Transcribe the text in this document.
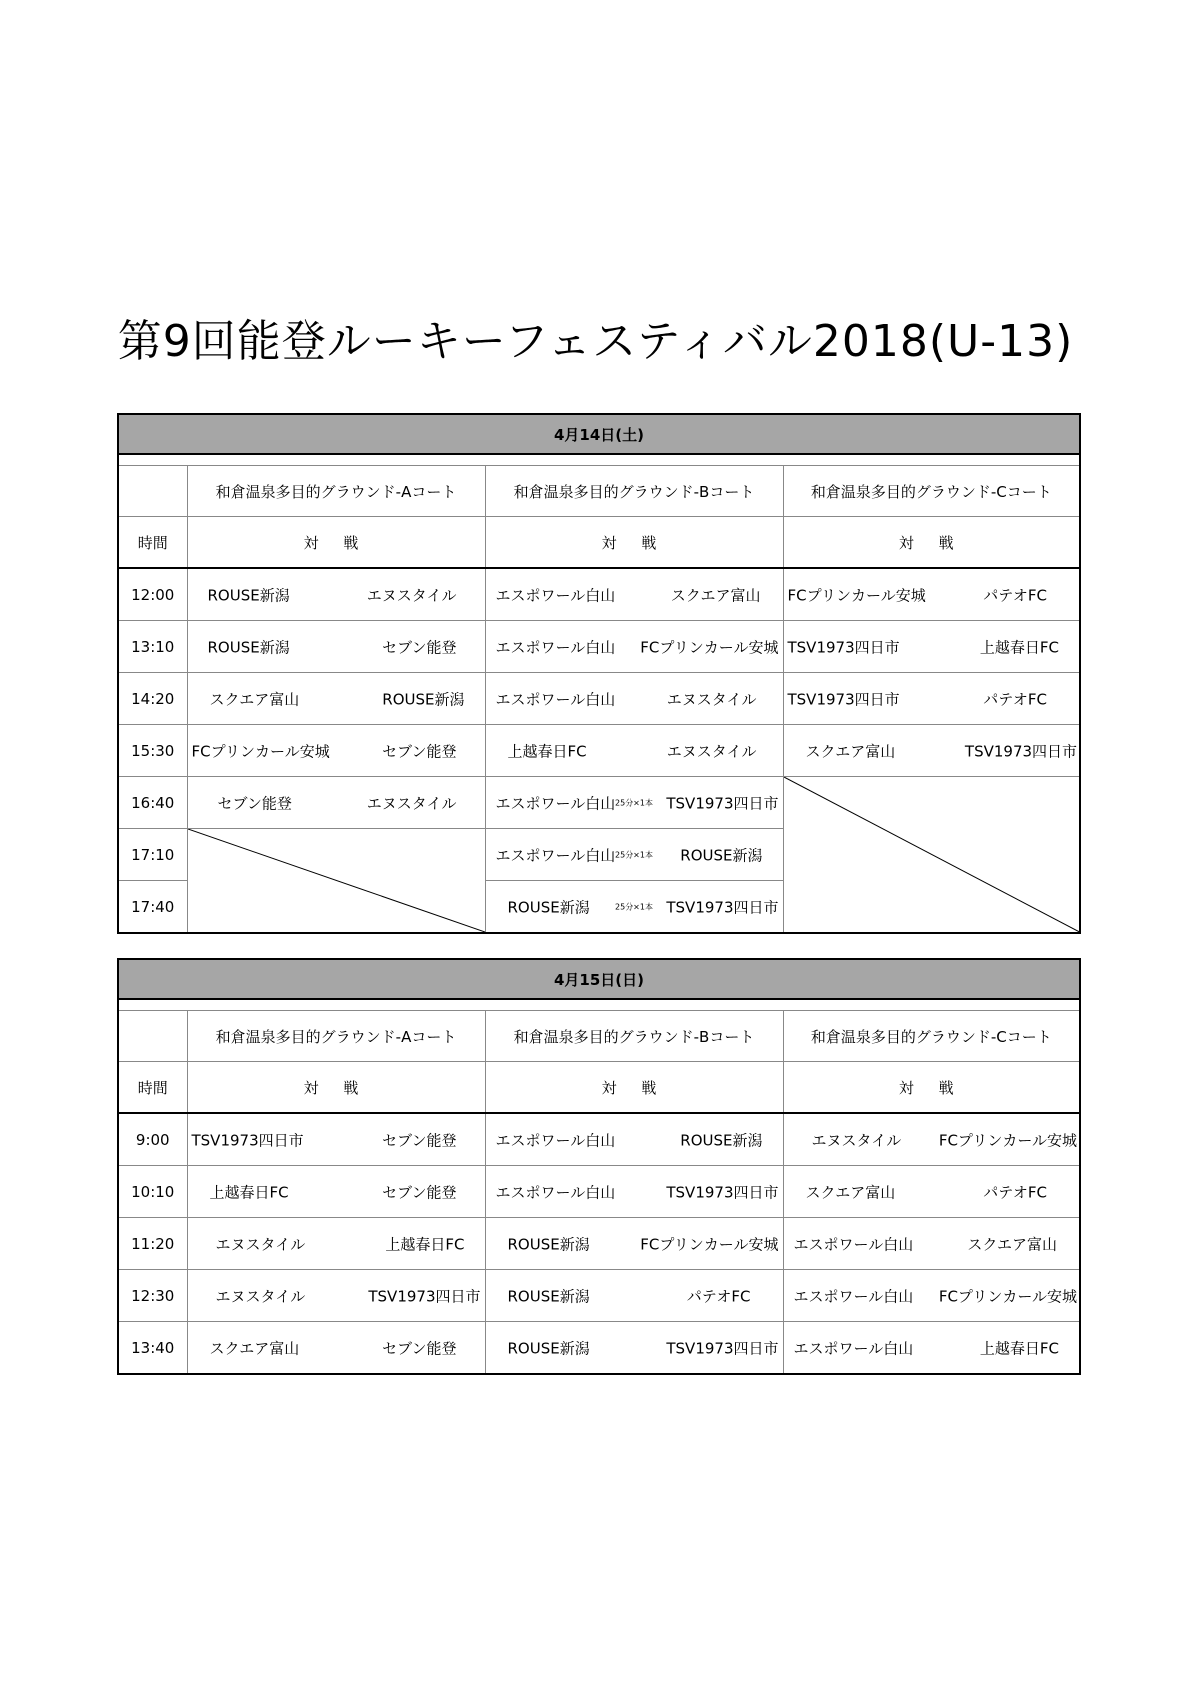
第9回能登ルーキーフェスティバル2018(U-13)
4月14日(土)			

	和倉温泉多目的グラウンド-Aコート	和倉温泉多目的グラウンド-Bコート	和倉温泉多目的グラウンド-Cコート
時間	対 戦	対 戦	対 戦
12:00	ROUSE新潟 エヌスタイル	エスポワール白山 スクエア富山	FCプリンカール安城 パテオFC

13:10	ROUSE新潟 セブン能登	エスポワール白山 FCプリンカール安城	TSV1973四日市 上越春日FC

14:20	スクエア富山 ROUSE新潟	エスポワール白山 エヌスタイル	TSV1973四日市 パテオFC

15:30	FCプリンカール安城 セブン能登	上越春日FC エヌスタイル	スクエア富山 TSV1973四日市

16:40	セブン能登 エヌスタイル	エスポワール白山 25分×1本 TSV1973四日市

17:10		エスポワール白山 25分×1本 ROUSE新潟	

17:40		ROUSE新潟 25分×1本 TSV1973四日市	
4月15日(日)			

	和倉温泉多目的グラウンド-Aコート	和倉温泉多目的グラウンド-Bコート	和倉温泉多目的グラウンド-Cコート
時間	対 戦	対 戦	対 戦
9:00	TSV1973四日市 セブン能登	エスポワール白山 ROUSE新潟	エヌスタイル FCプリンカール安城

10:10	上越春日FC セブン能登	エスポワール白山 TSV1973四日市	スクエア富山 パテオFC

11:20	エヌスタイル 上越春日FC	ROUSE新潟 FCプリンカール安城	エスポワール白山 スクエア富山

12:30	エヌスタイル TSV1973四日市	ROUSE新潟 パテオFC	エスポワール白山 FCプリンカール安城

13:40	スクエア富山 セブン能登	ROUSE新潟 TSV1973四日市	エスポワール白山 上越春日FC
